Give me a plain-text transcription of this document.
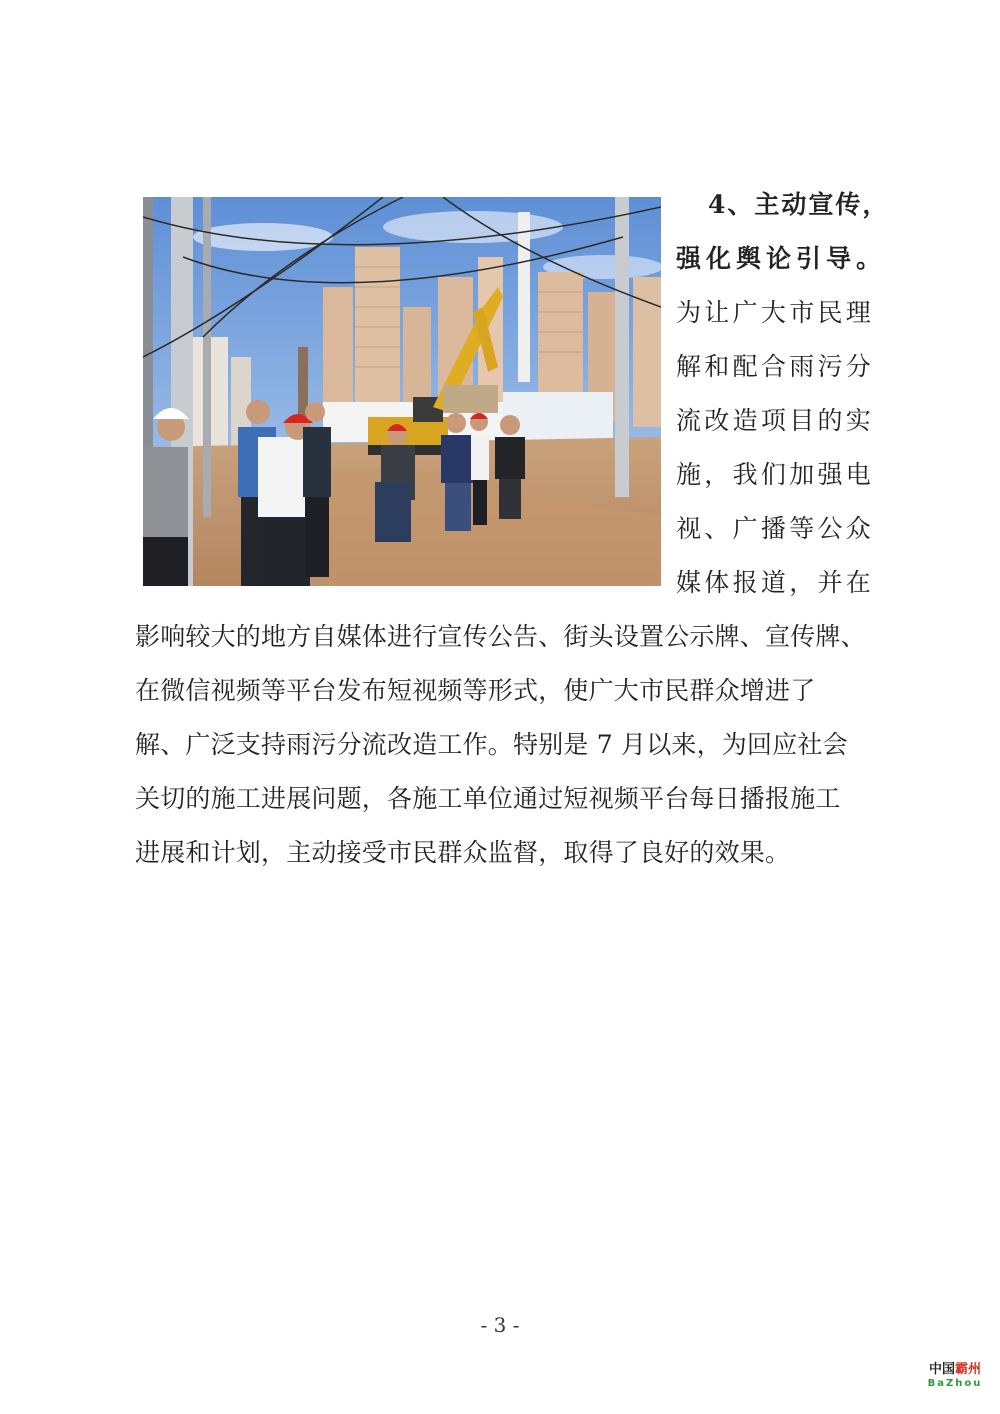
4、主动宣传，
强化舆论引导。
为让广大市民理
解和配合雨污分
流改造项目的实
施，我们加强电
视、广播等公众
媒体报道，并在
影响较大的地方自媒体进行宣传公告、街头设置公示牌、宣传牌、
在微信视频等平台发布短视频等形式，使广大市民群众增进了
解、广泛支持雨污分流改造工作。特别是 7 月以来，为回应社会
关切的施工进展问题，各施工单位通过短视频平台每日播报施工
进展和计划，主动接受市民群众监督，取得了良好的效果。
- 3 -
中国霸州
BaZhou
